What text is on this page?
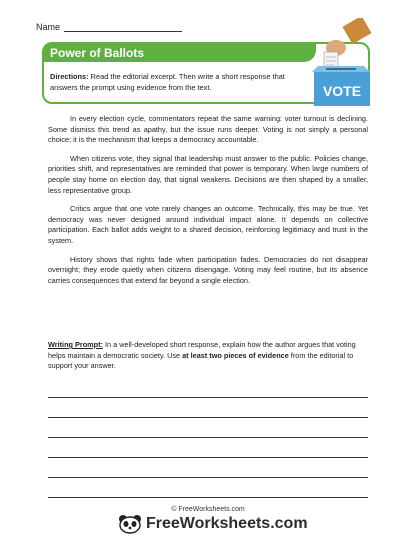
Name
Power of Ballots
Directions: Read the editorial excerpt. Then write a short response that answers the prompt using evidence from the text.	VOTE

In every election cycle, commentators repeat the same warning: voter turnout is declining. Some dismiss this trend as apathy, but the issue runs deeper. Voting is not simply a personal choice; it is the mechanism that keeps a democracy accountable.

When citizens vote, they signal that leadership must answer to the public. Policies change, priorities shift, and representatives are reminded that power is temporary. When large numbers of people stay home on election day, that signal weakens. Decisions are then shaped by a smaller, less representative group.

Critics argue that one vote rarely changes an outcome. Technically, this may be true. Yet democracy was never designed around individual impact alone. It depends on collective participation. Each ballot adds weight to a shared decision, reinforcing legitimacy and trust in the system.

History shows that rights fade when participation fades. Democracies do not disappear overnight; they erode quietly when citizens disengage. Voting may feel routine, but its absence carries consequences that extend far beyond a single election.

Writing Prompt: In a well-developed short response, explain how the author argues that voting helps maintain a democratic society. Use at least two pieces of evidence from the editorial to support your answer.
© FreeWorksheets.com
FreeWorksheets.com
